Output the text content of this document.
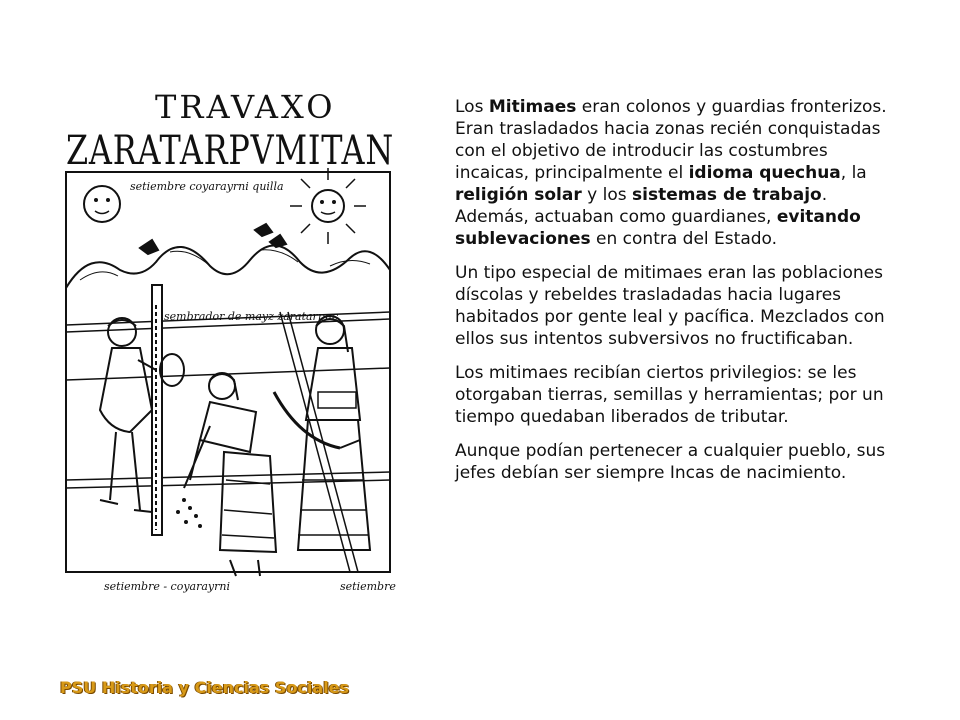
TRAVAXO
ZARATARPVMITAN
setiembre coyarayrni quilla
sembrador de mayz zaratarpuc
setiembre - coyarayrni	setiembre

Los Mitimaes eran colonos y guardias fronterizos. Eran trasladados hacia zonas recién conquistadas con el objetivo de introducir las costumbres incaicas, principalmente el idioma quechua, la religión solar y los sistemas de trabajo. Además, actuaban como guardianes, evitando sublevaciones en contra del Estado.

Un tipo especial de mitimaes eran las poblaciones díscolas y rebeldes trasladadas hacia lugares habitados por gente leal y pacífica. Mezclados con ellos sus intentos subversivos no fructificaban.

Los mitimaes recibían ciertos privilegios: se les otorgaban tierras, semillas y herramientas; por un tiempo quedaban liberados de tributar.

Aunque podían pertenecer a cualquier pueblo, sus jefes debían ser siempre Incas de nacimiento.

PSU Historia y Ciencias Sociales
